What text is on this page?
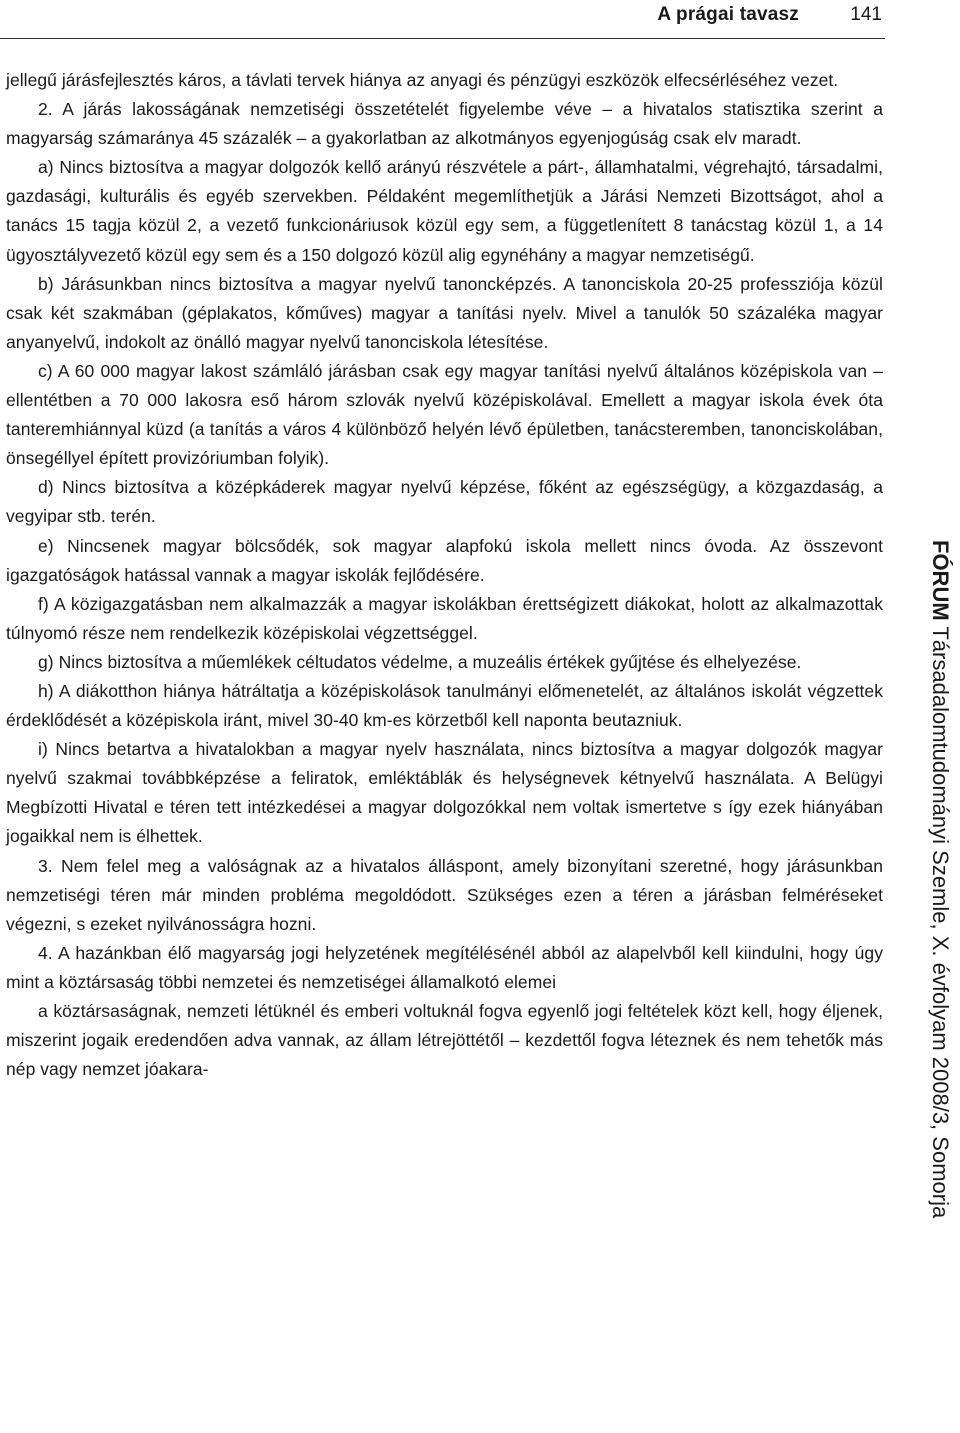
A prágai tavasz	141

jellegű járásfejlesztés káros, a távlati tervek hiánya az anyagi és pénzügyi eszközök elfecsérléséhez vezet.

2. A járás lakosságának nemzetiségi összetételét figyelembe véve – a hivatalos statisztika szerint a magyarság számaránya 45 százalék – a gyakorlatban az alkotmányos egyenjogúság csak elv maradt.

a) Nincs biztosítva a magyar dolgozók kellő arányú részvétele a párt-, államhatalmi, végrehajtó, társadalmi, gazdasági, kulturális és egyéb szervekben. Példaként megemlíthetjük a Járási Nemzeti Bizottságot, ahol a tanács 15 tagja közül 2, a vezető funkcionáriusok közül egy sem, a függetlenített 8 tanácstag közül 1, a 14 ügyosztályvezető közül egy sem és a 150 dolgozó közül alig egynéhány a magyar nemzetiségű.

b) Járásunkban nincs biztosítva a magyar nyelvű tanoncképzés. A tanonciskola 20-25 professziója közül csak két szakmában (géplakatos, kőműves) magyar a tanítási nyelv. Mivel a tanulók 50 százaléka magyar anyanyelvű, indokolt az önálló magyar nyelvű tanonciskola létesítése.

c) A 60 000 magyar lakost számláló járásban csak egy magyar tanítási nyelvű általános középiskola van – ellentétben a 70 000 lakosra eső három szlovák nyelvű középiskolával. Emellett a magyar iskola évek óta tanteremhiánnyal küzd (a tanítás a város 4 különböző helyén lévő épületben, tanácsteremben, tanonciskolában, önsegéllyel épített provizóriumban folyik).

d) Nincs biztosítva a középkáderek magyar nyelvű képzése, főként az egészségügy, a közgazdaság, a vegyipar stb. terén.

e) Nincsenek magyar bölcsődék, sok magyar alapfokú iskola mellett nincs óvoda. Az összevont igazgatóságok hatással vannak a magyar iskolák fejlődésére.

f) A közigazgatásban nem alkalmazzák a magyar iskolákban érettségizett diákokat, holott az alkalmazottak túlnyomó része nem rendelkezik középiskolai végzettséggel.

g) Nincs biztosítva a műemlékek céltudatos védelme, a muzeális értékek gyűjtése és elhelyezése.

h) A diákotthon hiánya hátráltatja a középiskolások tanulmányi előmenetelét, az általános iskolát végzettek érdeklődését a középiskola iránt, mivel 30-40 km-es körzetből kell naponta beutazniuk.

i) Nincs betartva a hivatalokban a magyar nyelv használata, nincs biztosítva a magyar dolgozók magyar nyelvű szakmai továbbképzése a feliratok, emléktáblák és helységnevek kétnyelvű használata. A Belügyi Megbízotti Hivatal e téren tett intézkedései a magyar dolgozókkal nem voltak ismertetve s így ezek hiányában jogaikkal nem is élhettek.

3. Nem felel meg a valóságnak az a hivatalos álláspont, amely bizonyítani szeretné, hogy járásunkban nemzetiségi téren már minden probléma megoldódott. Szükséges ezen a téren a járásban felméréseket végezni, s ezeket nyilvánosságra hozni.

4. A hazánkban élő magyarság jogi helyzetének megítélésénél abból az alapelvből kell kiindulni, hogy úgy mint a köztársaság többi nemzetei és nemzetiségei államalkotó elemei

a köztársaságnak, nemzeti létüknél és emberi voltuknál fogva egyenlő jogi feltételek közt kell, hogy éljenek, miszerint jogaik eredendően adva vannak, az állam létrejöttétől – kezdettől fogva léteznek és nem tehetők más nép vagy nemzet jóakara-

FÓRUM Társadalomtudományi Szemle, X. évfolyam 2008/3, Somorja
